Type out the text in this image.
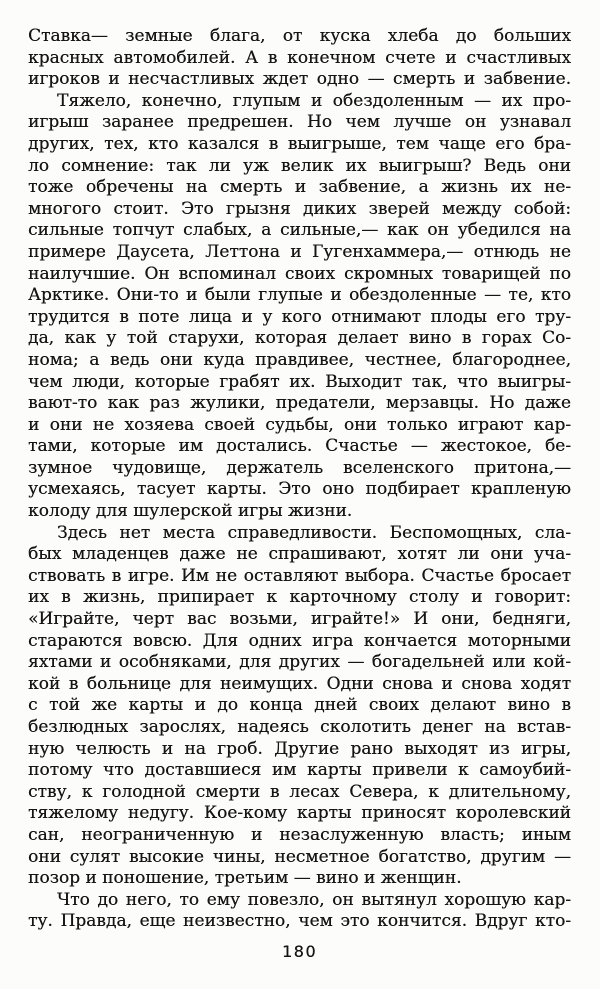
Ставка— земные блага, от куска хлеба до больших
красных автомобилей. А в конечном счете и счастливых
игроков и несчастливых ждет одно — смерть и забвение.
Тяжело, конечно, глупым и обездоленным — их про-
игрыш заранее предрешен. Но чем лучше он узнавал
других, тех, кто казался в выигрыше, тем чаще его бра-
ло сомнение: так ли уж велик их выигрыш? Ведь они
тоже обречены на смерть и забвение, а жизнь их не-
многого стоит. Это грызня диких зверей между собой:
сильные топчут слабых, а сильные,— как он убедился на
примере Даусета, Леттона и Гугенхаммера,— отнюдь не
наилучшие. Он вспоминал своих скромных товарищей по
Арктике. Они-то и были глупые и обездоленные — те, кто
трудится в поте лица и у кого отнимают плоды его тру-
да, как у той старухи, которая делает вино в горах Со-
нома; а ведь они куда правдивее, честнее, благороднее,
чем люди, которые грабят их. Выходит так, что выигры-
вают-то как раз жулики, предатели, мерзавцы. Но даже
и они не хозяева своей судьбы, они только играют кар-
тами, которые им достались. Счастье — жестокое, бе-
зумное чудовище, держатель вселенского притона,—
усмехаясь, тасует карты. Это оно подбирает крапленую
колоду для шулерской игры жизни.
Здесь нет места справедливости. Беспомощных, сла-
бых младенцев даже не спрашивают, хотят ли они уча-
ствовать в игре. Им не оставляют выбора. Счастье бросает
их в жизнь, припирает к карточному столу и говорит:
«Играйте, черт вас возьми, играйте!» И они, бедняги,
стараются вовсю. Для одних игра кончается моторными
яхтами и особняками, для других — богадельней или кой-
кой в больнице для неимущих. Одни снова и снова ходят
с той же карты и до конца дней своих делают вино в
безлюдных зарослях, надеясь сколотить денег на встав-
ную челюсть и на гроб. Другие рано выходят из игры,
потому что доставшиеся им карты привели к самоубий-
ству, к голодной смерти в лесах Севера, к длительному,
тяжелому недугу. Кое-кому карты приносят королевский
сан, неограниченную и незаслуженную власть; иным
они сулят высокие чины, несметное богатство, другим —
позор и поношение, третьим — вино и женщин.
Что до него, то ему повезло, он вытянул хорошую кар-
ту. Правда, еще неизвестно, чем это кончится. Вдруг кто-
180
